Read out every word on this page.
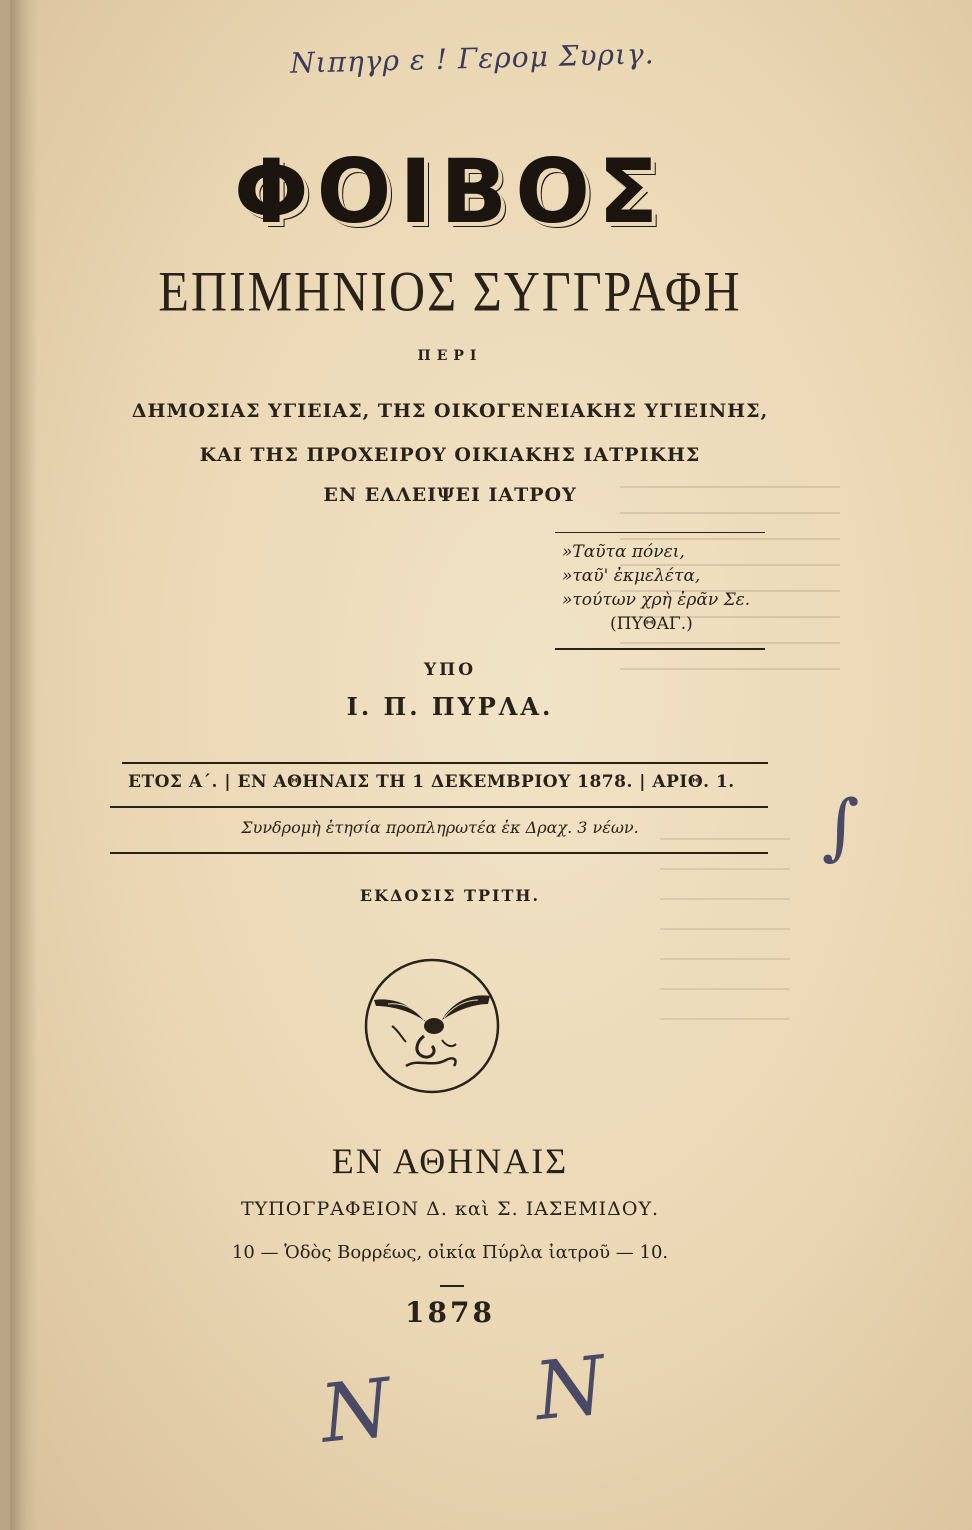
Νιπηγρ ε ! Γερομ Συριγ.
ΦΟΙΒΟΣ
ΕΠΙΜΗΝΙΟΣ ΣΥΓΓΡΑΦΗ
ΠΕΡΙ
ΔΗΜΟΣΙΑΣ ΥΓΙΕΙΑΣ, ΤΗΣ ΟΙΚΟΓΕΝΕΙΑΚΗΣ ΥΓΙΕΙΝΗΣ,
ΚΑΙ ΤΗΣ ΠΡΟΧΕΙΡΟΥ ΟΙΚΙΑΚΗΣ ΙΑΤΡΙΚΗΣ
ΕΝ ΕΛΛΕΙΨΕΙ ΙΑΤΡΟΥ
»Ταῦτα πόνει,
»ταῦ' ἐκμελέτα,
»τούτων χρὴ ἐρᾶν Σε.
(ΠΥΘΑΓ.)
ΥΠΟ
Ι. Π. ΠΥΡΛΑ.
ΕΤΟΣ Α΄. | ΕΝ ΑΘΗΝΑΙΣ ΤΗ 1 ΔΕΚΕΜΒΡΙΟΥ 1878. | ΑΡΙΘ. 1.
Συνδρομὴ ἐτησία προπληρωτέα ἐκ Δραχ. 3 νέων.
ΕΚΔΟΣΙΣ ΤΡΙΤΗ.
ΕΝ ΑΘΗΝΑΙΣ
ΤΥΠΟΓΡΑΦΕΙΟΝ Δ. καὶ Σ. ΙΑΣΕΜΙΔΟΥ.
10 — Ὁδὸς Βορρέως, οἰκία Πύρλα ἰατροῦ — 10.
1878
∫
N N
